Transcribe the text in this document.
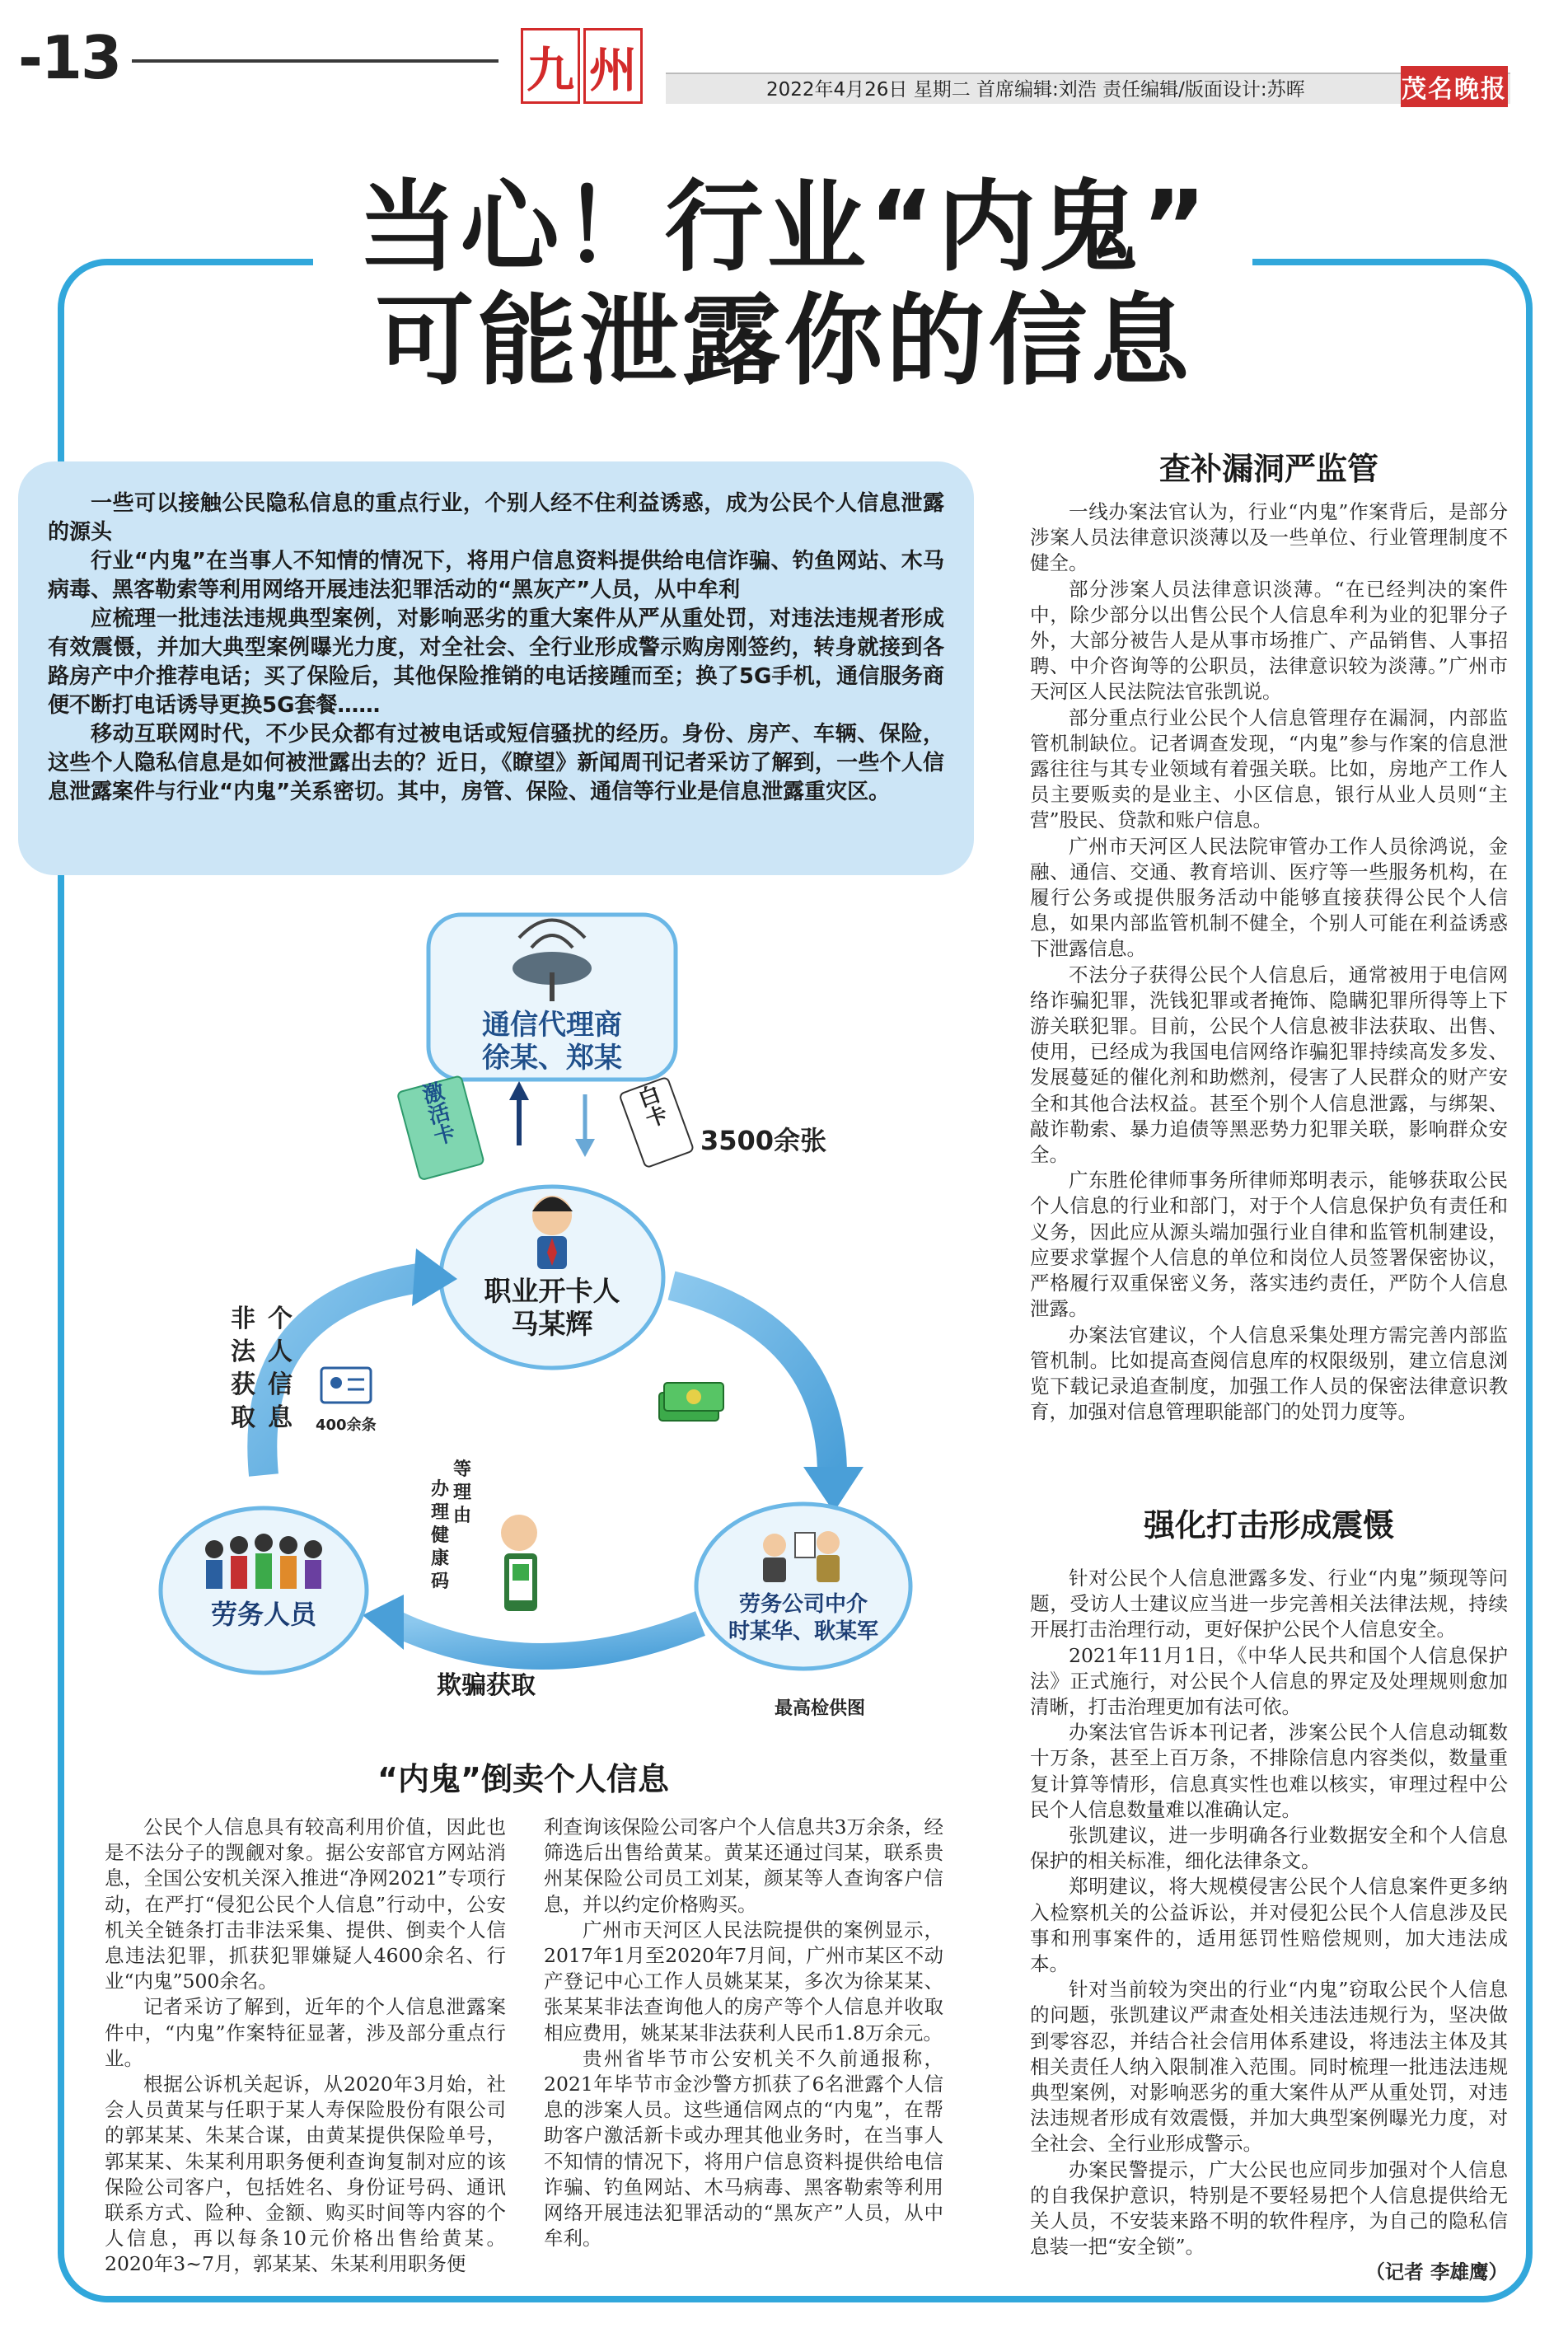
-13	九 州	2022年4月26日 星期二 首席编辑:刘浩 责任编辑/版面设计:苏晖	茂名晚报
当心！行业“内鬼”
可能泄露你的信息

一些可以接触公民隐私信息的重点行业，个别人经不住利益诱惑，成为公民个人信息泄露的源头

行业“内鬼”在当事人不知情的情况下，将用户信息资料提供给电信诈骗、钓鱼网站、木马病毒、黑客勒索等利用网络开展违法犯罪活动的“黑灰产”人员，从中牟利

应梳理一批违法违规典型案例，对影响恶劣的重大案件从严从重处罚，对违法违规者形成有效震慑，并加大典型案例曝光力度，对全社会、全行业形成警示购房刚签约，转身就接到各路房产中介推荐电话；买了保险后，其他保险推销的电话接踵而至；换了5G手机，通信服务商便不断打电话诱导更换5G套餐……

移动互联网时代，不少民众都有过被电话或短信骚扰的经历。身份、房产、车辆、保险，这些个人隐私信息是如何被泄露出去的？近日，《瞭望》新闻周刊记者采访了解到，一些个人信息泄露案件与行业“内鬼”关系密切。其中，房管、保险、通信等行业是信息泄露重灾区。

通信代理商
徐某、郑某
激活卡	白卡
3500余张
职业开卡人
马某辉
非法获取 个人信息 400余条
劳务人员
等理由 办理健康码
劳务公司中介
时某华、耿某军
欺骗获取
最高检供图
“内鬼”倒卖个人信息

公民个人信息具有较高利用价值，因此也是不法分子的觊觎对象。据公安部官方网站消息，全国公安机关深入推进“净网2021”专项行动，在严打“侵犯公民个人信息”行动中，公安机关全链条打击非法采集、提供、倒卖个人信息违法犯罪，抓获犯罪嫌疑人4600余名、行业“内鬼”500余名。

记者采访了解到，近年的个人信息泄露案件中，“内鬼”作案特征显著，涉及部分重点行业。

根据公诉机关起诉，从2020年3月始，社会人员黄某与任职于某人寿保险股份有限公司的郭某某、朱某合谋，由黄某提供保险单号，郭某某、朱某利用职务便利查询复制对应的该保险公司客户，包括姓名、身份证号码、通讯联系方式、险种、金额、购买时间等内容的个人信息，再以每条10元价格出售给黄某。2020年3~7月，郭某某、朱某利用职务便

利查询该保险公司客户个人信息共3万余条，经筛选后出售给黄某。黄某还通过闫某，联系贵州某保险公司员工刘某，颜某等人查询客户信息，并以约定价格购买。

广州市天河区人民法院提供的案例显示，2017年1月至2020年7月间，广州市某区不动产登记中心工作人员姚某某，多次为徐某某、张某某非法查询他人的房产等个人信息并收取相应费用，姚某某非法获利人民币1.8万余元。

贵州省毕节市公安机关不久前通报称，2021年毕节市金沙警方抓获了6名泄露个人信息的涉案人员。这些通信网点的“内鬼”，在帮助客户激活新卡或办理其他业务时，在当事人不知情的情况下，将用户信息资料提供给电信诈骗、钓鱼网站、木马病毒、黑客勒索等利用网络开展违法犯罪活动的“黑灰产”人员，从中牟利。

查补漏洞严监管

一线办案法官认为，行业“内鬼”作案背后，是部分涉案人员法律意识淡薄以及一些单位、行业管理制度不健全。

部分涉案人员法律意识淡薄。“在已经判决的案件中，除少部分以出售公民个人信息牟利为业的犯罪分子外，大部分被告人是从事市场推广、产品销售、人事招聘、中介咨询等的公职员，法律意识较为淡薄。”广州市天河区人民法院法官张凯说。

部分重点行业公民个人信息管理存在漏洞，内部监管机制缺位。记者调查发现，“内鬼”参与作案的信息泄露往往与其专业领域有着强关联。比如，房地产工作人员主要贩卖的是业主、小区信息，银行从业人员则“主营”股民、贷款和账户信息。

广州市天河区人民法院审管办工作人员徐鸿说，金融、通信、交通、教育培训、医疗等一些服务机构，在履行公务或提供服务活动中能够直接获得公民个人信息，如果内部监管机制不健全，个别人可能在利益诱惑下泄露信息。

不法分子获得公民个人信息后，通常被用于电信网络诈骗犯罪，洗钱犯罪或者掩饰、隐瞒犯罪所得等上下游关联犯罪。目前，公民个人信息被非法获取、出售、使用，已经成为我国电信网络诈骗犯罪持续高发多发、发展蔓延的催化剂和助燃剂，侵害了人民群众的财产安全和其他合法权益。甚至个别个人信息泄露，与绑架、敲诈勒索、暴力追债等黑恶势力犯罪关联，影响群众安全。

广东胜伦律师事务所律师郑明表示，能够获取公民个人信息的行业和部门，对于个人信息保护负有责任和义务，因此应从源头端加强行业自律和监管机制建设，应要求掌握个人信息的单位和岗位人员签署保密协议，严格履行双重保密义务，落实违约责任，严防个人信息泄露。

办案法官建议，个人信息采集处理方需完善内部监管机制。比如提高查阅信息库的权限级别，建立信息浏览下载记录追查制度，加强工作人员的保密法律意识教育，加强对信息管理职能部门的处罚力度等。

强化打击形成震慑

针对公民个人信息泄露多发、行业“内鬼”频现等问题，受访人士建议应当进一步完善相关法律法规，持续开展打击治理行动，更好保护公民个人信息安全。

2021年11月1日，《中华人民共和国个人信息保护法》正式施行，对公民个人信息的界定及处理规则愈加清晰，打击治理更加有法可依。

办案法官告诉本刊记者，涉案公民个人信息动辄数十万条，甚至上百万条，不排除信息内容类似，数量重复计算等情形，信息真实性也难以核实，审理过程中公民个人信息数量难以准确认定。

张凯建议，进一步明确各行业数据安全和个人信息保护的相关标准，细化法律条文。

郑明建议，将大规模侵害公民个人信息案件更多纳入检察机关的公益诉讼，并对侵犯公民个人信息涉及民事和刑事案件的，适用惩罚性赔偿规则，加大违法成本。

针对当前较为突出的行业“内鬼”窃取公民个人信息的问题，张凯建议严肃查处相关违法违规行为，坚决做到零容忍，并结合社会信用体系建设，将违法主体及其相关责任人纳入限制准入范围。同时梳理一批违法违规典型案例，对影响恶劣的重大案件从严从重处罚，对违法违规者形成有效震慑，并加大典型案例曝光力度，对全社会、全行业形成警示。

办案民警提示，广大公民也应同步加强对个人信息的自我保护意识，特别是不要轻易把个人信息提供给无关人员，不安装来路不明的软件程序，为自己的隐私信息装一把“安全锁”。

（记者 李雄鹰）
